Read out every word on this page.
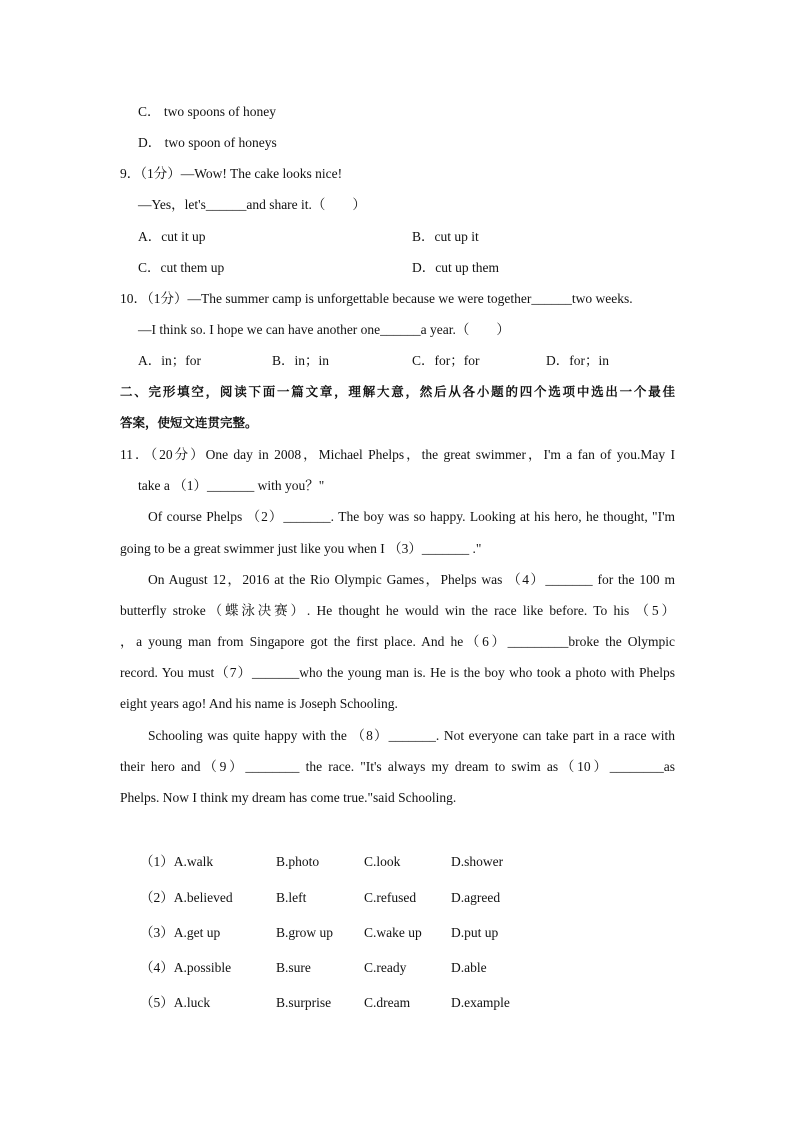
C． two spoons of honey
D． two spoon of honeys
9．（1分）—Wow! The cake looks nice!
—Yes，let's______and share it.（　　）
A．cut it up	B．cut up it
C．cut them up	D．cut up them
10．（1分）—The summer camp is unforgettable because we were together______two weeks.
—I think so. I hope we can have another one______a year.（　　）
A．in；for	B．in；in	C．for；for	D．for；in
二、完形填空，阅读下面一篇文章，理解大意，然后从各小题的四个选项中选出一个最佳
答案，使短文连贯完整。
11．（20分）One day in 2008，Michael Phelps，the great swimmer，I'm a fan of you.May I
take a （1）_______ with you？"
Of course Phelps （2）_______. The boy was so happy. Looking at his hero, he thought, "I'm
going to be a great swimmer just like you when I （3）_______ ."
On August 12，2016 at the Rio Olympic Games，Phelps was （4）_______ for the 100 m
butterfly stroke（蝶泳决赛）. He thought he would win the race like before. To his （5）
，a young man from Singapore got the first place. And he（6）_________broke the Olympic
record. You must（7）_______who the young man is. He is the boy who took a photo with Phelps
eight years ago! And his name is Joseph Schooling.
Schooling was quite happy with the （8）_______. Not everyone can take part in a race with
their hero and（9）________ the race. "It's always my dream to swim as（10）________as
Phelps. Now I think my dream has come true."said Schooling.
（1）A.walk	B.photo	C.look	D.shower
（2）A.believed	B.left	C.refused	D.agreed
（3）A.get up	B.grow up C.wake up D.put up
（4）A.possible	B.sure	C.ready	D.able
（5）A.luck	B.surprise C.dream	D.example
